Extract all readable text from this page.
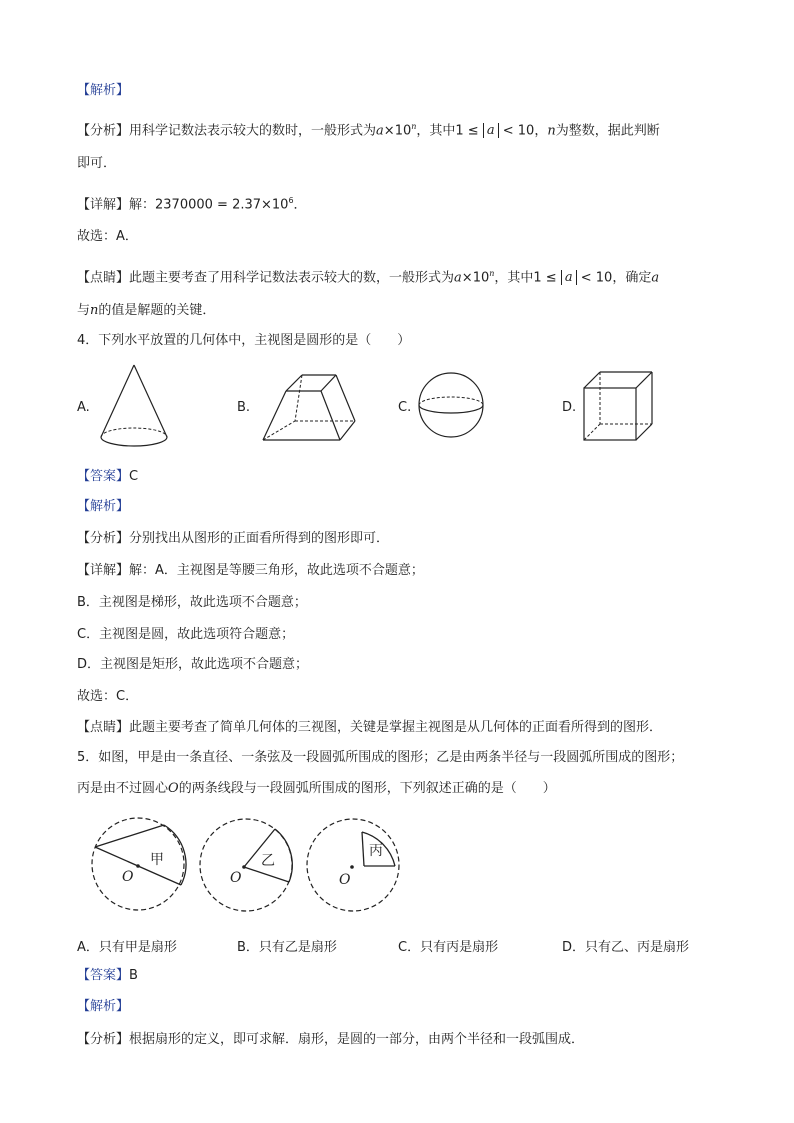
【解析】
【分析】用科学记数法表示较大的数时，一般形式为$a\times 10^n$，其中1 ≤ a < 10，n为整数，据此判断
即可．
【详解】解：$2370000 = 2.37\times 10^6$．
故选：A．
【点睛】此题主要考查了用科学记数法表示较大的数，一般形式为$a\times 10^n$，其中1 ≤ a < 10，确定a
与n的值是解题的关键．
4．下列水平放置的几何体中，主视图是圆形的是（　　）
A.	B.	C.	D.
【答案】C
【解析】
【分析】分别找出从图形的正面看所得到的图形即可．
【详解】解：A．主视图是等腰三角形，故此选项不合题意；
B．主视图是梯形，故此选项不合题意；
C．主视图是圆，故此选项符合题意；
D．主视图是矩形，故此选项不合题意；
故选：C．
【点睛】此题主要考查了简单几何体的三视图，关键是掌握主视图是从几何体的正面看所得到的图形．
5．如图，甲是由一条直径、一条弦及一段圆弧所围成的图形；乙是由两条半径与一段圆弧所围成的图形；
丙是由不过圆心O的两条线段与一段圆弧所围成的图形，下列叙述正确的是（　　）
甲
O
乙
O
丙
O
A．只有甲是扇形	B．只有乙是扇形	C．只有丙是扇形	D．只有乙、丙是扇形
【答案】B
【解析】
【分析】根据扇形的定义，即可求解．扇形，是圆的一部分，由两个半径和一段弧围成．
